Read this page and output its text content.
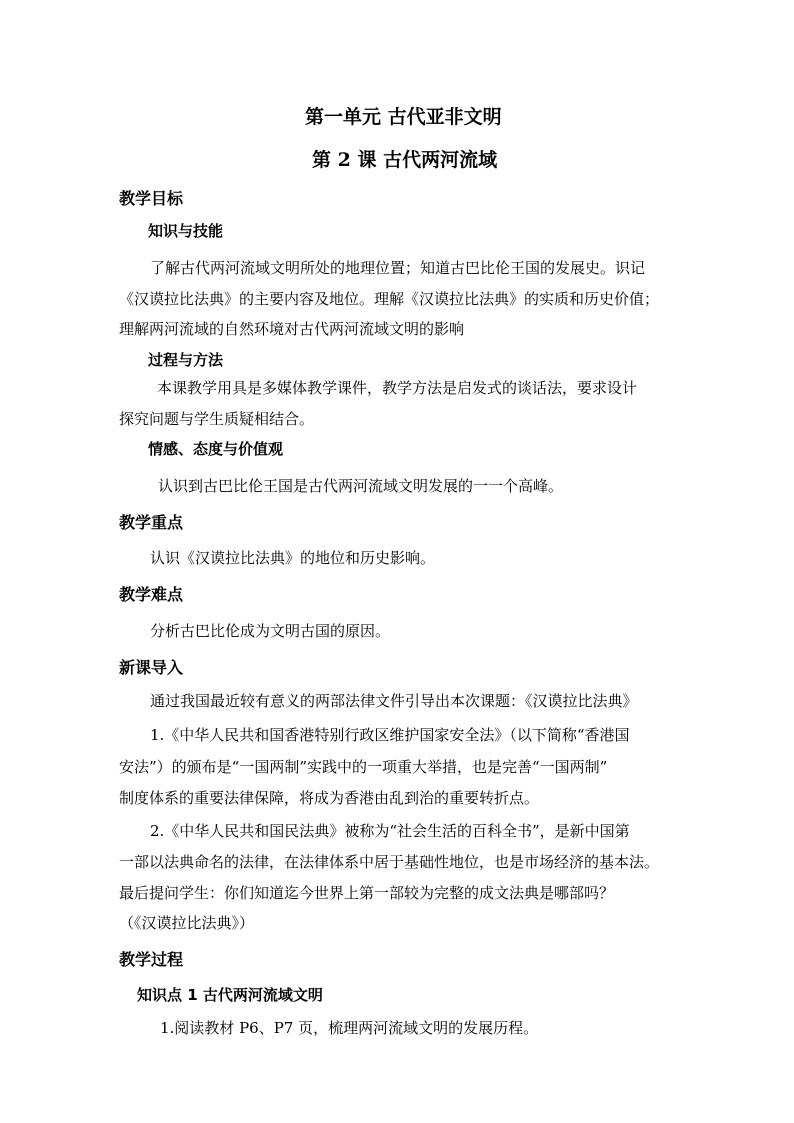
第一单元 古代亚非文明
第 2 课 古代两河流域
教学目标
知识与技能
了解古代两河流域文明所处的地理位置；知道古巴比伦王国的发展史。识记
《汉谟拉比法典》的主要内容及地位。理解《汉谟拉比法典》的实质和历史价值；
理解两河流域的自然环境对古代两河流域文明的影响
过程与方法
本课教学用具是多媒体教学课件，教学方法是启发式的谈话法，要求设计
探究问题与学生质疑相结合。
情感、态度与价值观
认识到古巴比伦王国是古代两河流域文明发展的一一个高峰。
教学重点
认识《汉谟拉比法典》的地位和历史影响。
教学难点
分析古巴比伦成为文明古国的原因。
新课导入
通过我国最近较有意义的两部法律文件引导出本次课题：《汉谟拉比法典》
1.《中华人民共和国香港特别行政区维护国家安全法》（以下简称“香港国
安法”）的颁布是“一国两制”实践中的一项重大举措，也是完善“一国两制”
制度体系的重要法律保障，将成为香港由乱到治的重要转折点。
2.《中华人民共和国民法典》被称为“社会生活的百科全书”，是新中国第
一部以法典命名的法律，在法律体系中居于基础性地位，也是市场经济的基本法。
最后提问学生：你们知道迄今世界上第一部较为完整的成文法典是哪部吗？
（《汉谟拉比法典》）
教学过程
知识点 1 古代两河流域文明
1.阅读教材 P6、P7 页，梳理两河流域文明的发展历程。
